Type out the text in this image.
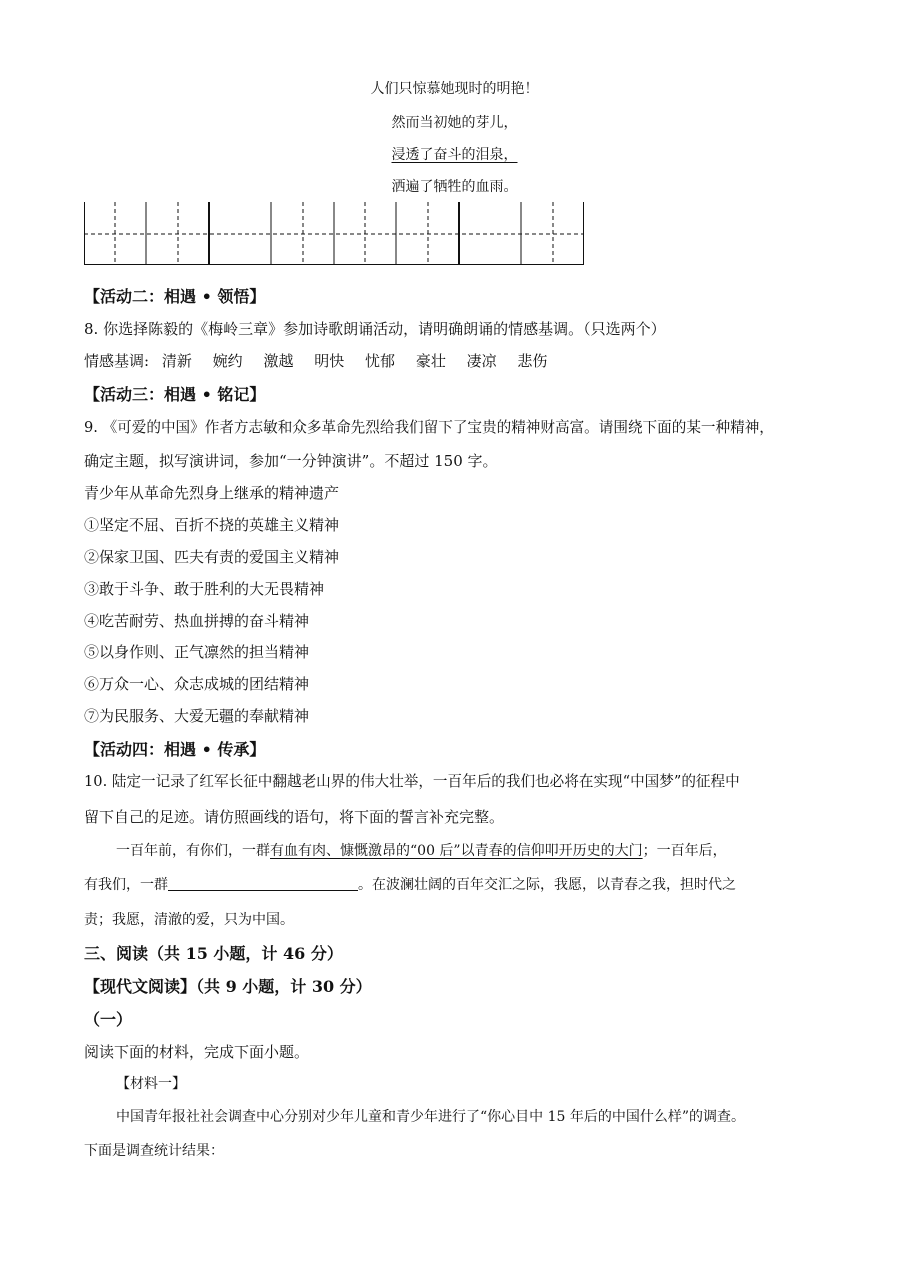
人们只惊慕她现时的明艳！
然而当初她的芽儿，
浸透了奋斗的泪泉，
洒遍了牺牲的血雨。
【活动二：相遇 • 领悟】
8. 你选择陈毅的《梅岭三章》参加诗歌朗诵活动，请明确朗诵的情感基调。（只选两个）
情感基调: 清新 婉约 激越 明快 忧郁 豪壮 凄凉 悲伤
【活动三：相遇 • 铭记】
9. 《可爱的中国》作者方志敏和众多革命先烈给我们留下了宝贵的精神财高富。请围绕下面的某一种精神，
确定主题，拟写演讲词，参加“一分钟演讲”。不超过 150 字。
青少年从革命先烈身上继承的精神遗产
①坚定不屈、百折不挠的英雄主义精神
②保家卫国、匹夫有责的爱国主义精神
③敢于斗争、敢于胜利的大无畏精神
④吃苦耐劳、热血拼搏的奋斗精神
⑤以身作则、正气凛然的担当精神
⑥万众一心、众志成城的团结精神
⑦为民服务、大爱无疆的奉献精神
【活动四：相遇 • 传承】
10. 陆定一记录了红军长征中翻越老山界的伟大壮举，一百年后的我们也必将在实现“中国梦”的征程中
留下自己的足迹。请仿照画线的语句，将下面的誓言补充完整。
一百年前，有你们，一群有血有肉、慷慨激昂的“00 后”以青春的信仰叩开历史的大门；一百年后，
有我们，一群	。在波澜壮阔的百年交汇之际，我愿，以青春之我，担时代之
责；我愿，清澈的爱，只为中国。
三、阅读（共 15 小题，计 46 分）
【现代文阅读】（共 9 小题，计 30 分）
（一）
阅读下面的材料，完成下面小题。
【材料一】
中国青年报社社会调查中心分别对少年儿童和青少年进行了“你心目中 15 年后的中国什么样”的调查。
下面是调查统计结果：
